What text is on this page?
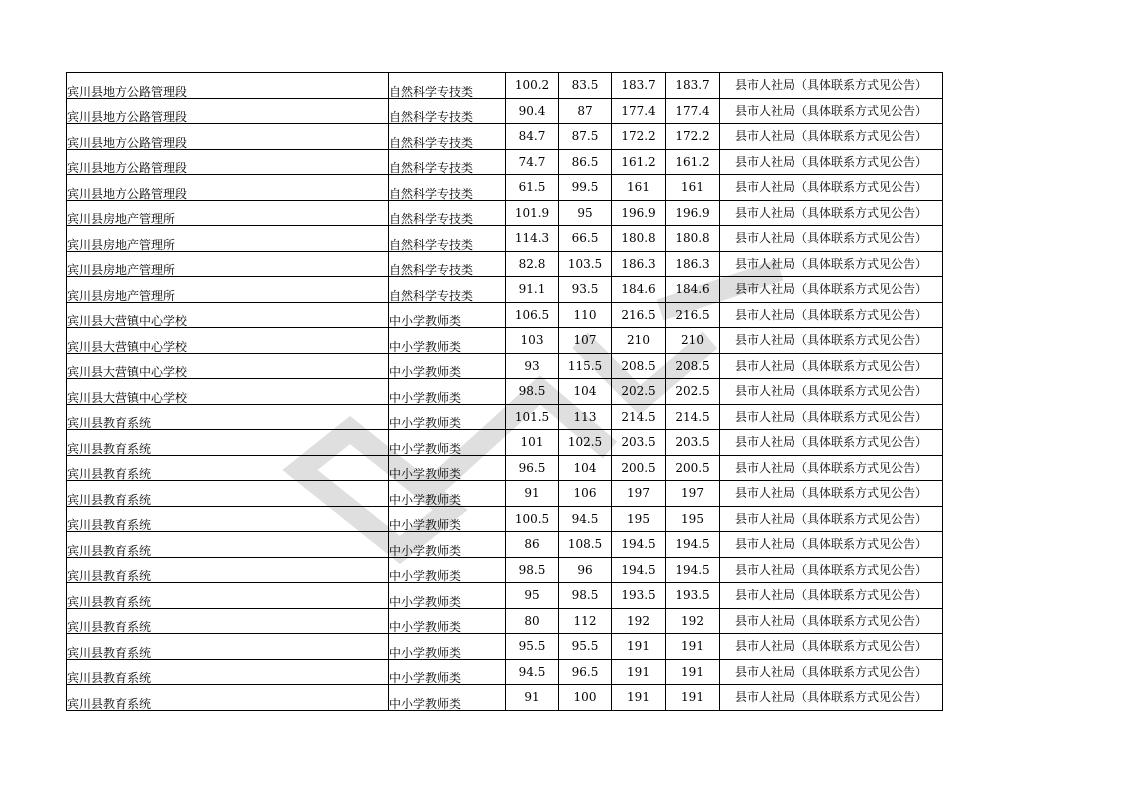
宾川县地方公路管理段	自然科学专技类	100.2	83.5	183.7	183.7	县市人社局（具体联系方式见公告）
宾川县地方公路管理段	自然科学专技类	90.4	87	177.4	177.4	县市人社局（具体联系方式见公告）
宾川县地方公路管理段	自然科学专技类	84.7	87.5	172.2	172.2	县市人社局（具体联系方式见公告）
宾川县地方公路管理段	自然科学专技类	74.7	86.5	161.2	161.2	县市人社局（具体联系方式见公告）
宾川县地方公路管理段	自然科学专技类	61.5	99.5	161	161	县市人社局（具体联系方式见公告）
宾川县房地产管理所	自然科学专技类	101.9	95	196.9	196.9	县市人社局（具体联系方式见公告）
宾川县房地产管理所	自然科学专技类	114.3	66.5	180.8	180.8	县市人社局（具体联系方式见公告）
宾川县房地产管理所	自然科学专技类	82.8	103.5	186.3	186.3	县市人社局（具体联系方式见公告）
宾川县房地产管理所	自然科学专技类	91.1	93.5	184.6	184.6	县市人社局（具体联系方式见公告）
宾川县大营镇中心学校	中小学教师类	106.5	110	216.5	216.5	县市人社局（具体联系方式见公告）
宾川县大营镇中心学校	中小学教师类	103	107	210	210	县市人社局（具体联系方式见公告）
宾川县大营镇中心学校	中小学教师类	93	115.5	208.5	208.5	县市人社局（具体联系方式见公告）
宾川县大营镇中心学校	中小学教师类	98.5	104	202.5	202.5	县市人社局（具体联系方式见公告）
宾川县教育系统	中小学教师类	101.5	113	214.5	214.5	县市人社局（具体联系方式见公告）
宾川县教育系统	中小学教师类	101	102.5	203.5	203.5	县市人社局（具体联系方式见公告）
宾川县教育系统	中小学教师类	96.5	104	200.5	200.5	县市人社局（具体联系方式见公告）
宾川县教育系统	中小学教师类	91	106	197	197	县市人社局（具体联系方式见公告）
宾川县教育系统	中小学教师类	100.5	94.5	195	195	县市人社局（具体联系方式见公告）
宾川县教育系统	中小学教师类	86	108.5	194.5	194.5	县市人社局（具体联系方式见公告）
宾川县教育系统	中小学教师类	98.5	96	194.5	194.5	县市人社局（具体联系方式见公告）
宾川县教育系统	中小学教师类	95	98.5	193.5	193.5	县市人社局（具体联系方式见公告）
宾川县教育系统	中小学教师类	80	112	192	192	县市人社局（具体联系方式见公告）
宾川县教育系统	中小学教师类	95.5	95.5	191	191	县市人社局（具体联系方式见公告）
宾川县教育系统	中小学教师类	94.5	96.5	191	191	县市人社局（具体联系方式见公告）
宾川县教育系统	中小学教师类	91	100	191	191	县市人社局（具体联系方式见公告）
